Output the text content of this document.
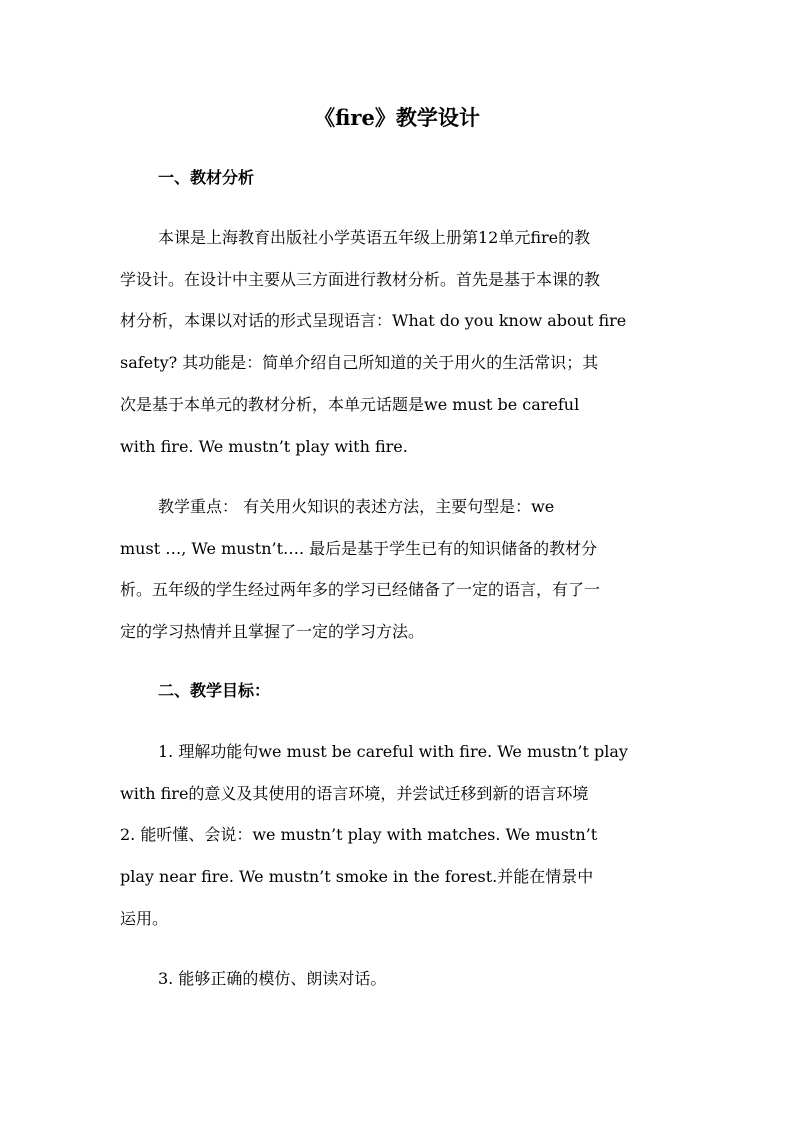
《fire》教学设计
一、教材分析
本课是上海教育出版社小学英语五年级上册第12单元fire的教
学设计。在设计中主要从三方面进行教材分析。首先是基于本课的教
材分析，本课以对话的形式呈现语言：What do you know about fire
safety? 其功能是：简单介绍自己所知道的关于用火的生活常识；其
次是基于本单元的教材分析，本单元话题是we must be careful
with fire. We mustn’t play with fire.
教学重点： 有关用火知识的表述方法，主要句型是：we
must …, We mustn’t…. 最后是基于学生已有的知识储备的教材分
析。五年级的学生经过两年多的学习已经储备了一定的语言，有了一
定的学习热情并且掌握了一定的学习方法。
二、教学目标：
1. 理解功能句we must be careful with fire. We mustn’t play
with fire的意义及其使用的语言环境，并尝试迁移到新的语言环境
2. 能听懂、会说：we mustn’t play with matches. We mustn’t
play near fire. We mustn’t smoke in the forest.并能在情景中
运用。
3. 能够正确的模仿、朗读对话。
